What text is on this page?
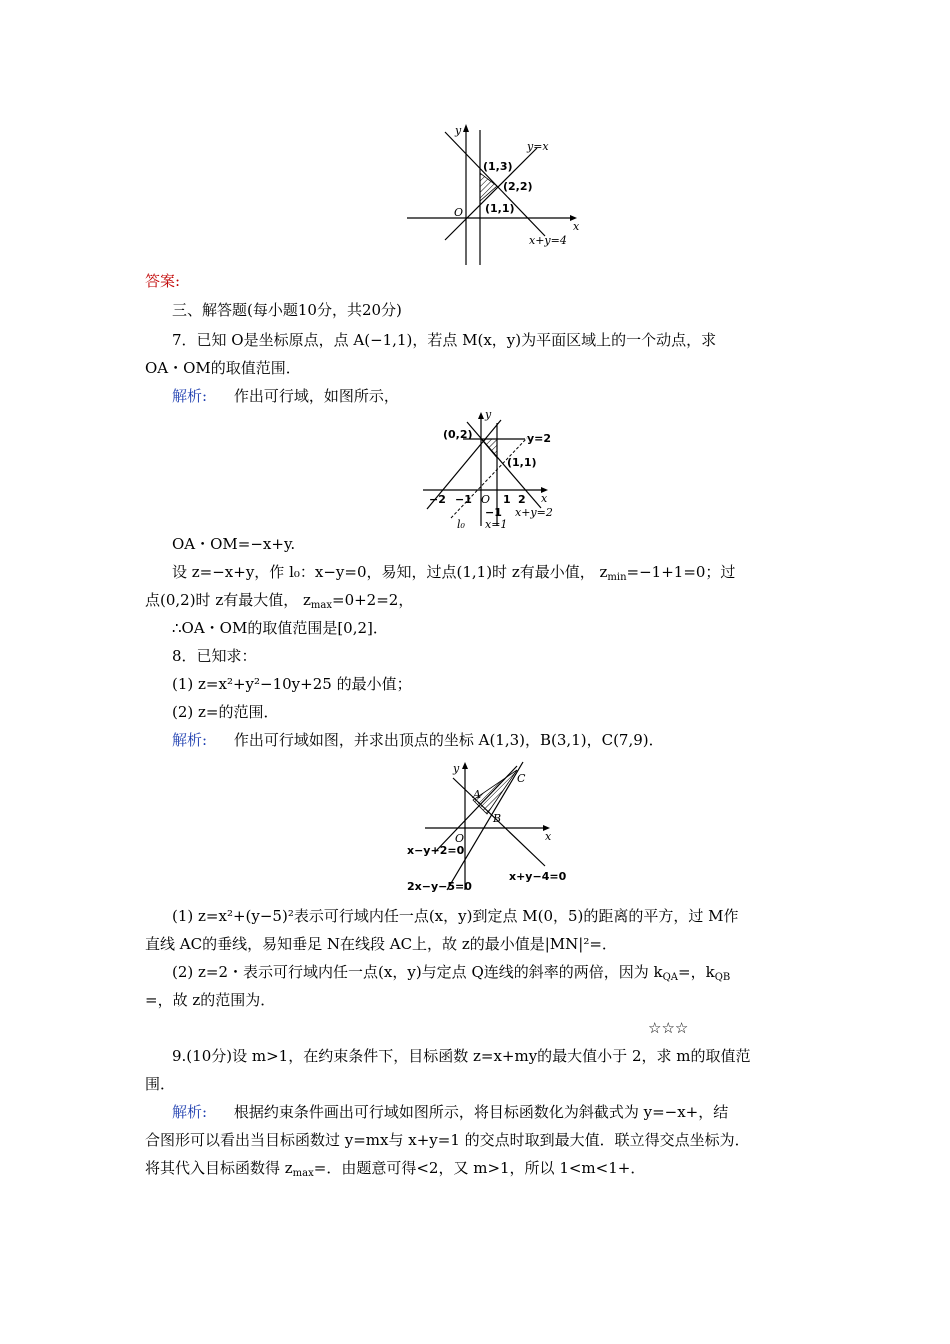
y
x
O
y=x
x+y=4
(1,3)
(2,2)
(1,1)
答案:
三、解答题(每小题10分，共20分)
7．已知 O是坐标原点，点 A(−1,1)，若点 M(x，y)为平面区域上的一个动点，求
OA・OM的取值范围．
解析: 作出可行域，如图所示，
y
x
O
(0,2)	y=2
(1,1)
−2 −1	1 2
−1 x+y=2
x=1
l₀
OA・OM=−x+y.
设 z=−x+y，作 l₀：x−y=0，易知，过点(1,1)时 z有最小值， $z_{min}=-1+1=0$；过
点(0,2)时 z有最大值， $z_{max}=0+2=2$，
∴OA・OM的取值范围是[0,2]．
8．已知求：
(1) z=x²+y²−10y+25 的最小值；
(2) z=的范围．
解析: 作出可行域如图，并求出顶点的坐标 A(1,3)，B(3,1)，C(7,9)．
y
x
O
A
B
C
x−y+2=0
2x−y−5=0
x+y−4=0
(1) z=x²+(y−5)²表示可行域内任一点(x，y)到定点 M(0，5)的距离的平方，过 M作
直线 AC的垂线，易知垂足 N在线段 AC上，故 z的最小值是|MN|²=．
(2) z=2・表示可行域内任一点(x，y)与定点 Q连线的斜率的两倍，因为 $k_{QA}=$，$k_{QB}$
=，故 z的范围为．
☆☆☆
9.(10分)设 m>1，在约束条件下，目标函数 z=x+my的最大值小于 2，求 m的取值范
围．
解析: 根据约束条件画出可行域如图所示，将目标函数化为斜截式为 y=−x+，结
合图形可以看出当目标函数过 y=mx与 x+y=1 的交点时取到最大值．联立得交点坐标为．
将其代入目标函数得 $z_{max}=$．由题意可得<2，又 m>1，所以 1<m<1+．
